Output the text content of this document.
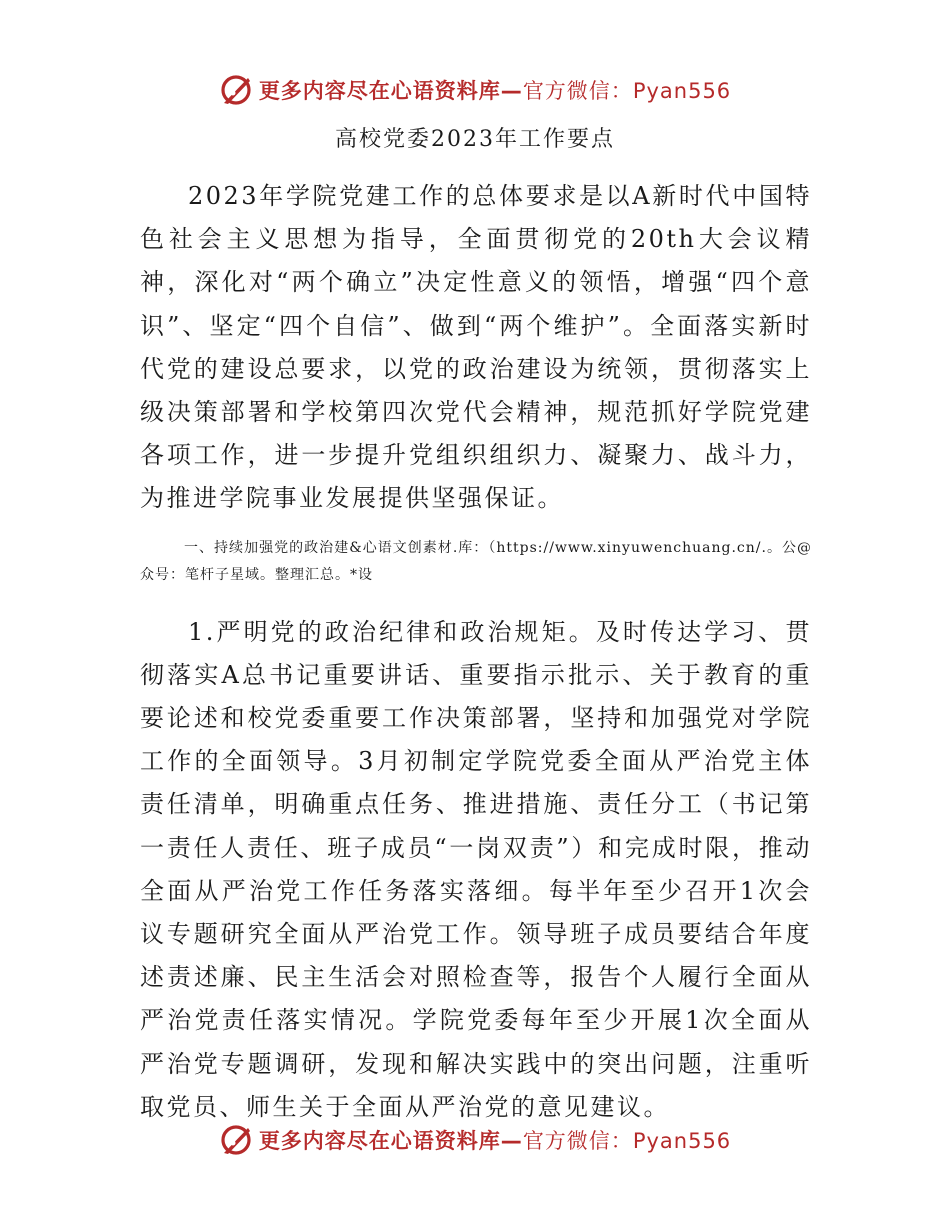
更多内容尽在心语资料库—官方微信：Pyan556
高校党委2023年工作要点

2023年学院党建工作的总体要求是以A新时代中国特色社会主义思想为指导，全面贯彻党的20th大会议精神，深化对“两个确立”决定性意义的领悟，增强“四个意识”、坚定“四个自信”、做到“两个维护”。全面落实新时代党的建设总要求，以党的政治建设为统领，贯彻落实上级决策部署和学校第四次党代会精神，规范抓好学院党建各项工作，进一步提升党组织组织力、凝聚力、战斗力，为推进学院事业发展提供坚强保证。

一、持续加强党的政治建&心语文创素材.库：（https://www.xinyuwenchuang.cn/.。公@众号：笔杆子星域。整理汇总。*设

1.严明党的政治纪律和政治规矩。及时传达学习、贯彻落实A总书记重要讲话、重要指示批示、关于教育的重要论述和校党委重要工作决策部署，坚持和加强党对学院工作的全面领导。3月初制定学院党委全面从严治党主体责任清单，明确重点任务、推进措施、责任分工（书记第一责任人责任、班子成员“一岗双责”）和完成时限，推动全面从严治党工作任务落实落细。每半年至少召开1次会议专题研究全面从严治党工作。领导班子成员要结合年度述责述廉、民主生活会对照检查等，报告个人履行全面从严治党责任落实情况。学院党委每年至少开展1次全面从严治党专题调研，发现和解决实践中的突出问题，注重听取党员、师生关于全面从严治党的意见建议。

更多内容尽在心语资料库—官方微信：Pyan556
